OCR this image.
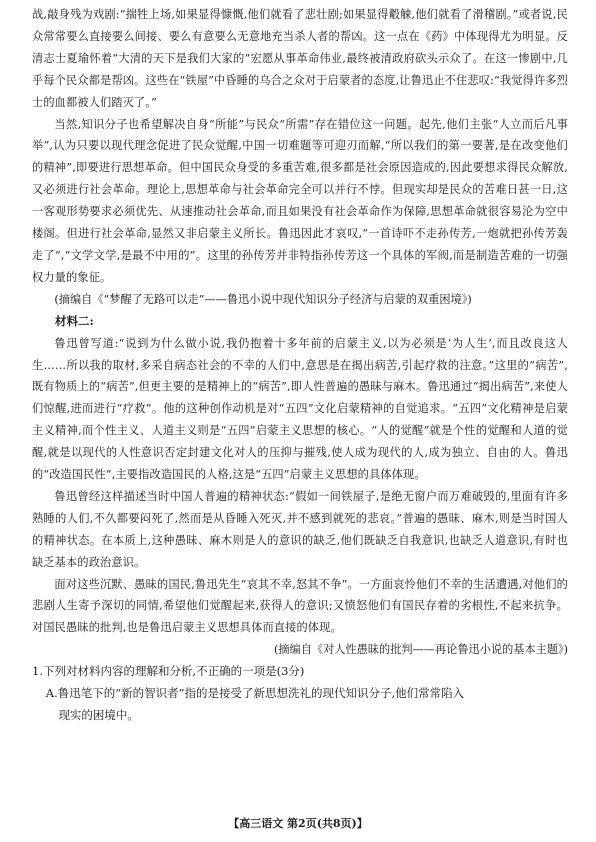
战,敲身残为戏剧:“揣牲上场,如果显得慷慨,他们就看了悲壮剧;如果显得觳觫,他们就看了滑稽剧。”或者说,民众常常要么直接要么间接、要么有意要么无意地充当杀人者的帮凶。这一点在《药》中体现得尤为明显。反清志士夏瑜怀着“大清的天下是我们大家的”宏愿从事革命伟业,最终被清政府砍头示众了。在这一惨剧中,几乎每个民众都是帮凶。这些在“铁屋”中昏睡的乌合之众对于启蒙者的态度,让鲁迅止不住悲叹:“我觉得许多烈士的血都被人们踏灭了。”

当然,知识分子也希望解决自身“所能”与民众“所需”存在错位这一问题。起先,他们主张“人立而后凡事举”,认为只要以现代理念促进了民众觉醒,中国一切难题等可迎刃而解,“所以我们的第一要著,是在改变他们的精神”,即要进行思想革命。但中国民众身受的多重苦难,很多都是社会原因造成的,因此要想求得民众解放,又必须进行社会革命。理论上,思想革命与社会革命完全可以并行不悖。但现实却是民众的苦难日甚一日,这一客观形势要求必须优先、从速推动社会革命,而且如果没有社会革命作为保障,思想革命就很容易沦为空中楼阁。但进行社会革命,显然又非启蒙主义所长。鲁迅因此才哀叹,“一首诗吓不走孙传芳,一炮就把孙传芳轰走了”,“文学文学,是最不中用的”。这里的孙传芳并非特指孙传芳这一个具体的军阀,而是制造苦难的一切强权力量的象征。

(摘编自《“梦醒了无路可以走”——鲁迅小说中现代知识分子经济与启蒙的双重困境》)

材料二:

鲁迅曾写道:“说到为什么做小说,我仍抱着十多年前的启蒙主义,以为必须是‘为人生’,而且改良这人生……所以我的取材,多采自病态社会的不幸的人们中,意思是在揭出病苦,引起疗救的注意。”这里的“病苦”,既有物质上的“病苦”,但更主要的是精神上的“病苦”,即人性普遍的愚昧与麻木。鲁迅通过“揭出病苦”,来使人们惊醒,进而进行“疗救”。他的这种创作动机是对“五四”文化启蒙精神的自觉追求。“五四”文化精神是启蒙主义精神,而个性主义、人道主义则是“五四”启蒙主义思想的核心。“人的觉醒”就是个性的觉醒和人道的觉醒,就是以现代的人性意识否定封建文化对人的压抑与摧残,使人成为现代的人,成为独立、自由的人。鲁迅的“改造国民性”,主要指改造国民的人格,这是“五四”启蒙主义思想的具体体现。

鲁迅曾经这样描述当时中国人普遍的精神状态:“假如一间铁屋子,是绝无窗户而万难破毁的,里面有许多熟睡的人们,不久都要闷死了,然而是从昏睡入死灭,并不感到就死的悲哀。”普遍的愚昧、麻木,则是当时国人的精神状态。在本质上,这种愚昧、麻木则是人的意识的缺乏,他们既缺乏自我意识,也缺乏人道意识,有时也缺乏基本的政治意识。

面对这些沉默、愚昧的国民,鲁迅先生“哀其不幸,怒其不争”。一方面哀怜他们不幸的生活遭遇,对他们的悲剧人生寄予深切的同情,希望他们觉醒起来,获得人的意识;又愤怒他们有国民存着的劣根性,不起来抗争。对国民愚昧的批判,也是鲁迅启蒙主义思想具体而直接的体现。

(摘编自《对人性愚昧的批判——再论鲁迅小说的基本主题》)

1.下列对材料内容的理解和分析,不正确的一项是(3分)

A.鲁迅笔下的“新的智识者”指的是接受了新思想洗礼的现代知识分子,他们常常陷入
现实的困境中。

【高三语文 第2页(共8页)】
